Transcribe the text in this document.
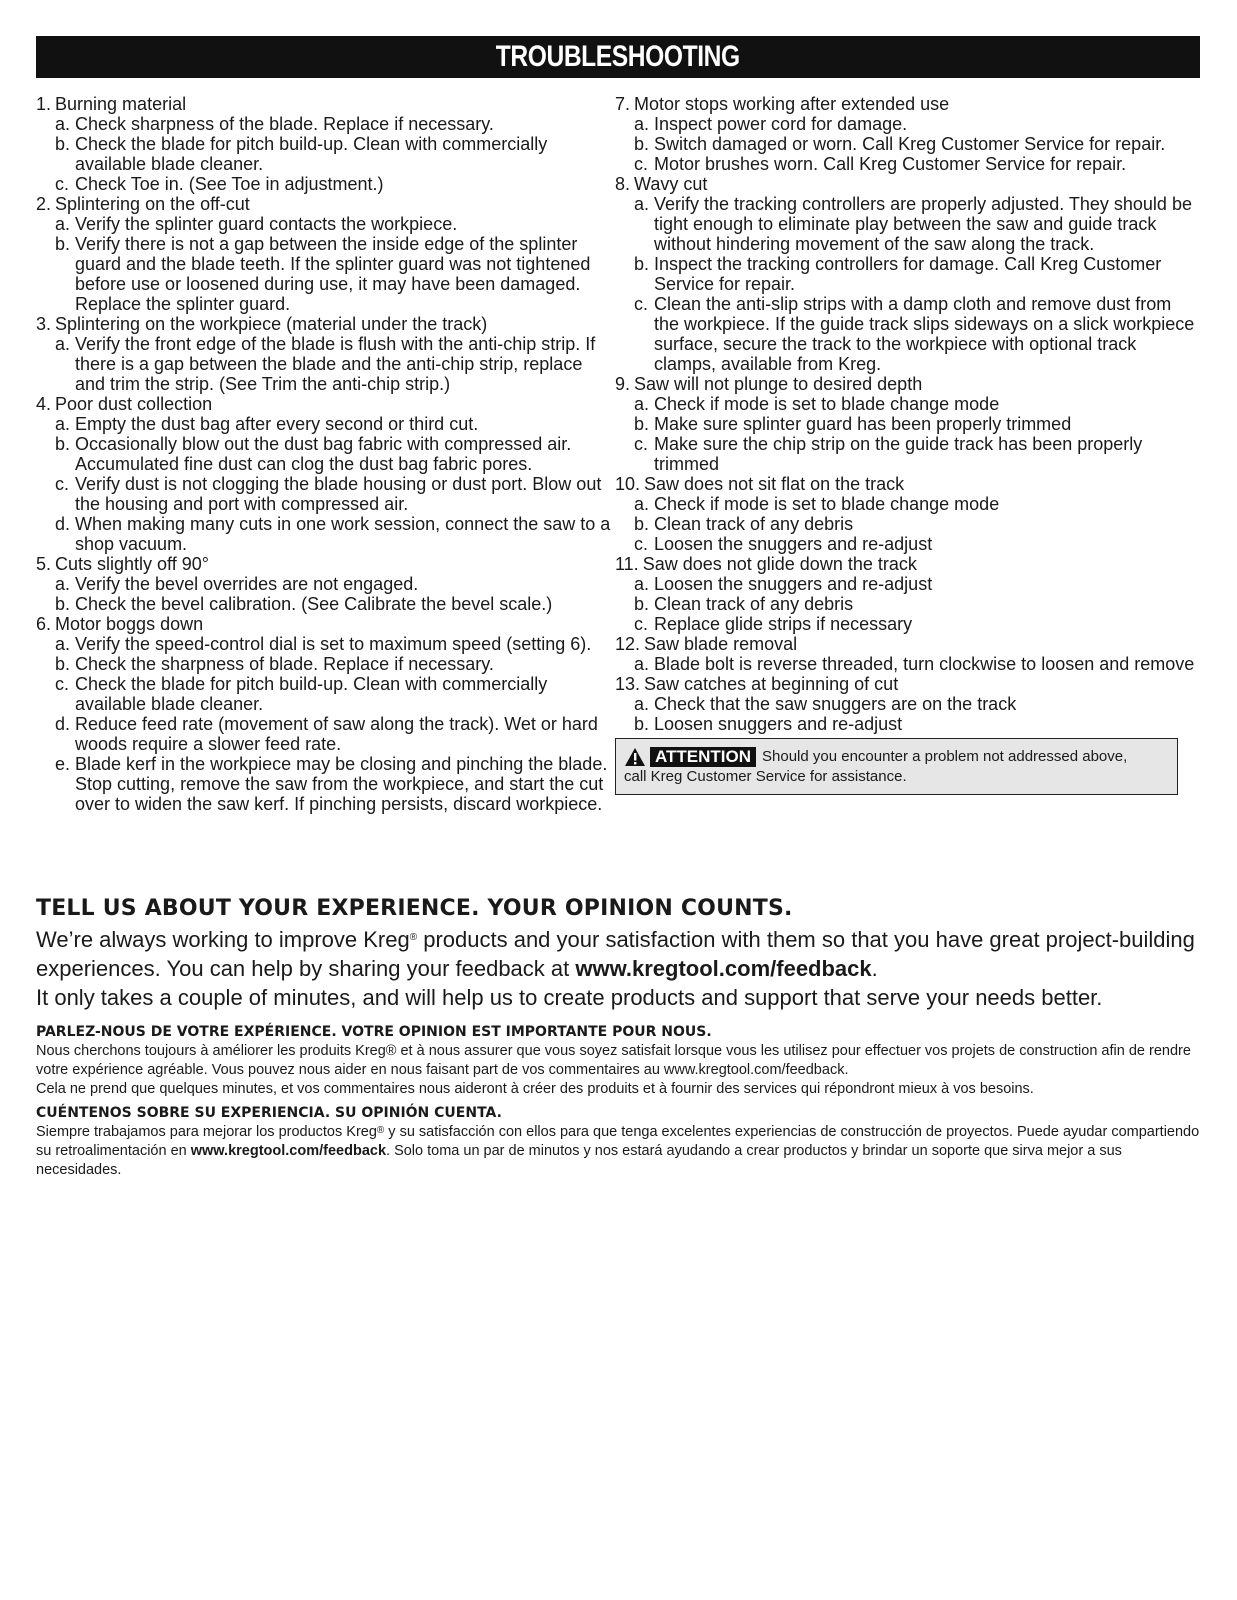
TROUBLESHOOTING
1. Burning material
a. Check sharpness of the blade. Replace if necessary.
b. Check the blade for pitch build-up. Clean with commercially available blade cleaner.
c. Check Toe in. (See Toe in adjustment.)
2. Splintering on the off-cut
a. Verify the splinter guard contacts the workpiece.
b. Verify there is not a gap between the inside edge of the splinter guard and the blade teeth. If the splinter guard was not tightened before use or loosened during use, it may have been damaged. Replace the splinter guard.
3. Splintering on the workpiece (material under the track)
a. Verify the front edge of the blade is flush with the anti-chip strip. If there is a gap between the blade and the anti-chip strip, replace and trim the strip. (See Trim the anti-chip strip.)
4. Poor dust collection
a. Empty the dust bag after every second or third cut.
b. Occasionally blow out the dust bag fabric with compressed air. Accumulated fine dust can clog the dust bag fabric pores.
c. Verify dust is not clogging the blade housing or dust port. Blow out the housing and port with compressed air.
d. When making many cuts in one work session, connect the saw to a shop vacuum.
5. Cuts slightly off 90°
a. Verify the bevel overrides are not engaged.
b. Check the bevel calibration. (See Calibrate the bevel scale.)
6. Motor boggs down
a. Verify the speed-control dial is set to maximum speed (setting 6).
b. Check the sharpness of blade. Replace if necessary.
c. Check the blade for pitch build-up. Clean with commercially available blade cleaner.
d. Reduce feed rate (movement of saw along the track). Wet or hard woods require a slower feed rate.
e. Blade kerf in the workpiece may be closing and pinching the blade. Stop cutting, remove the saw from the workpiece, and start the cut over to widen the saw kerf. If pinching persists, discard workpiece.
7. Motor stops working after extended use
a. Inspect power cord for damage.
b. Switch damaged or worn. Call Kreg Customer Service for repair.
c. Motor brushes worn. Call Kreg Customer Service for repair.
8. Wavy cut
a. Verify the tracking controllers are properly adjusted. They should be tight enough to eliminate play between the saw and guide track without hindering movement of the saw along the track.
b. Inspect the tracking controllers for damage. Call Kreg Customer Service for repair.
c. Clean the anti-slip strips with a damp cloth and remove dust from the workpiece. If the guide track slips sideways on a slick workpiece surface, secure the track to the workpiece with optional track clamps, available from Kreg.
9. Saw will not plunge to desired depth
a. Check if mode is set to blade change mode
b. Make sure splinter guard has been properly trimmed
c. Make sure the chip strip on the guide track has been properly trimmed
10. Saw does not sit flat on the track
a. Check if mode is set to blade change mode
b. Clean track of any debris
c. Loosen the snuggers and re-adjust
11. Saw does not glide down the track
a. Loosen the snuggers and re-adjust
b. Clean track of any debris
c. Replace glide strips if necessary
12. Saw blade removal
a. Blade bolt is reverse threaded, turn clockwise to loosen and remove
13. Saw catches at beginning of cut
a. Check that the saw snuggers are on the track
b. Loosen snuggers and re-adjust
ATTENTION Should you encounter a problem not addressed above,
call Kreg Customer Service for assistance.

TELL US ABOUT YOUR EXPERIENCE. YOUR OPINION COUNTS.

We’re always working to improve Kreg® products and your satisfaction with them so that you have great project-building experiences. You can help by sharing your feedback at www.kregtool.com/feedback.
It only takes a couple of minutes, and will help us to create products and support that serve your needs better.

PARLEZ-NOUS DE VOTRE EXPÉRIENCE. VOTRE OPINION EST IMPORTANTE POUR NOUS.

Nous cherchons toujours à améliorer les produits Kreg® et à nous assurer que vous soyez satisfait lorsque vous les utilisez pour effectuer vos projets de construction afin de rendre votre expérience agréable. Vous pouvez nous aider en nous faisant part de vos commentaires au www.kregtool.com/feedback.
Cela ne prend que quelques minutes, et vos commentaires nous aideront à créer des produits et à fournir des services qui répondront mieux à vos besoins.

CUÉNTENOS SOBRE SU EXPERIENCIA. SU OPINIÓN CUENTA.

Siempre trabajamos para mejorar los productos Kreg® y su satisfacción con ellos para que tenga excelentes experiencias de construcción de proyectos. Puede ayudar compartiendo su retroalimentación en www.kregtool.com/feedback. Solo toma un par de minutos y nos estará ayudando a crear productos y brindar un soporte que sirva mejor a sus necesidades.
